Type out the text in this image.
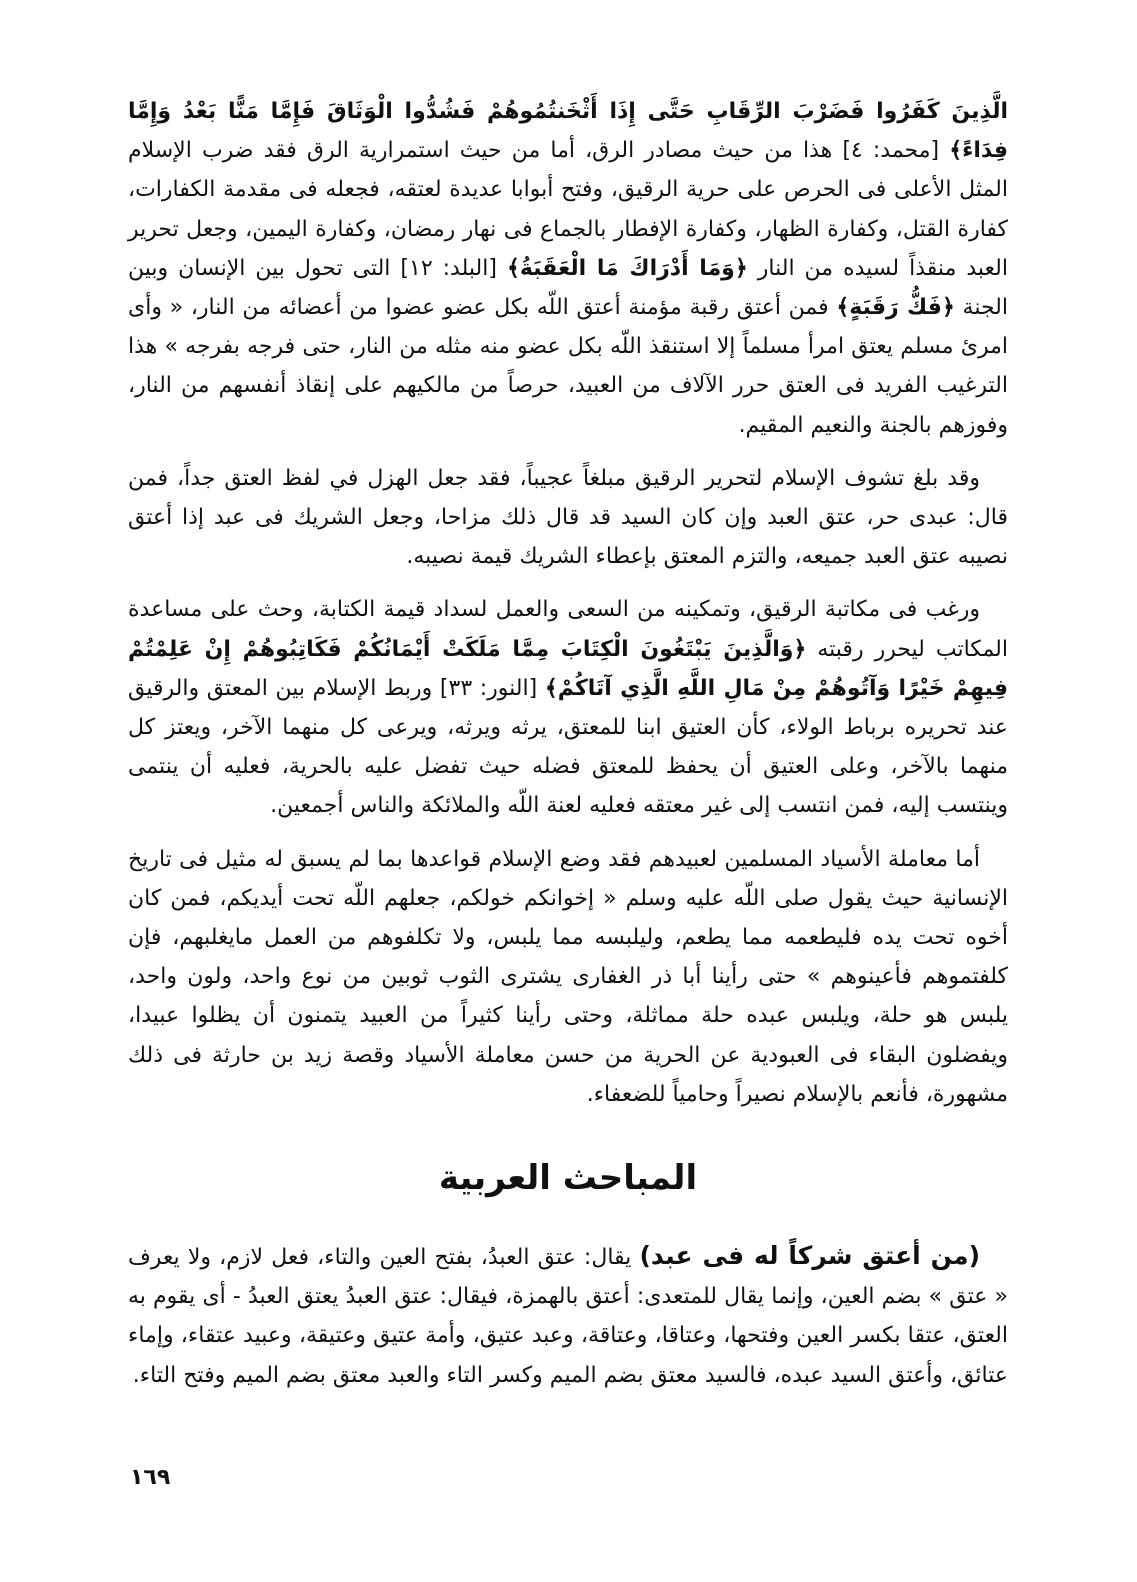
الَّذِينَ كَفَرُوا فَضَرْبَ الرِّقَابِ حَتَّى إِذَا أَثْخَنتُمُوهُمْ فَشُدُّوا الْوَثَاقَ فَإِمَّا مَنًّا بَعْدُ وَإِمَّا فِدَاءً﴾ [محمد: ٤] هذا من حيث مصادر الرق، أما من حيث استمرارية الرق فقد ضرب الإسلام المثل الأعلى فى الحرص على حرية الرقيق، وفتح أبوابا عديدة لعتقه، فجعله فى مقدمة الكفارات، كفارة القتل، وكفارة الظهار، وكفارة الإفطار بالجماع فى نهار رمضان، وكفارة اليمين، وجعل تحرير العبد منقذاً لسيده من النار ﴿وَمَا أَدْرَاكَ مَا الْعَقَبَةُ﴾ [البلد: ١٢] التى تحول بين الإنسان وبين الجنة ﴿فَكُّ رَقَبَةٍ﴾ فمن أعتق رقبة مؤمنة أعتق اللّه بكل عضو عضوا من أعضائه من النار، « وأى امرئ مسلم يعتق امرأ مسلماً إلا استنقذ اللّه بكل عضو منه مثله من النار، حتى فرجه بفرجه » هذا الترغيب الفريد فى العتق حرر الآلاف من العبيد، حرصاً من مالكيهم على إنقاذ أنفسهم من النار، وفوزهم بالجنة والنعيم المقيم.

وقد بلغ تشوف الإسلام لتحرير الرقيق مبلغاً عجيباً، فقد جعل الهزل في لفظ العتق جداً، فمن قال: عبدى حر، عتق العبد وإن كان السيد قد قال ذلك مزاحا، وجعل الشريك فى عبد إذا أعتق نصيبه عتق العبد جميعه، والتزم المعتق بإعطاء الشريك قيمة نصيبه.

ورغب فى مكاتبة الرقيق، وتمكينه من السعى والعمل لسداد قيمة الكتابة، وحث على مساعدة المكاتب ليحرر رقبته ﴿وَالَّذِينَ يَبْتَغُونَ الْكِتَابَ مِمَّا مَلَكَتْ أَيْمَانُكُمْ فَكَاتِبُوهُمْ إِنْ عَلِمْتُمْ فِيهِمْ خَيْرًا وَآتُوهُمْ مِنْ مَالِ اللَّهِ الَّذِي آتَاكُمْ﴾ [النور: ٣٣] وربط الإسلام بين المعتق والرقيق عند تحريره برباط الولاء، كأن العتيق ابنا للمعتق، يرثه ويرثه، ويرعى كل منهما الآخر، ويعتز كل منهما بالآخر، وعلى العتيق أن يحفظ للمعتق فضله حيث تفضل عليه بالحرية، فعليه أن ينتمى وينتسب إليه، فمن انتسب إلى غير معتقه فعليه لعنة اللّه والملائكة والناس أجمعين.

أما معاملة الأسياد المسلمين لعبيدهم فقد وضع الإسلام قواعدها بما لم يسبق له مثيل فى تاريخ الإنسانية حيث يقول صلى اللّه عليه وسلم « إخوانكم خولكم، جعلهم اللّه تحت أيديكم، فمن كان أخوه تحت يده فليطعمه مما يطعم، وليلبسه مما يلبس، ولا تكلفوهم من العمل مايغلبهم، فإن كلفتموهم فأعينوهم » حتى رأينا أبا ذر الغفارى يشترى الثوب ثوبين من نوع واحد، ولون واحد، يلبس هو حلة، ويلبس عبده حلة مماثلة، وحتى رأينا كثيراً من العبيد يتمنون أن يظلوا عبيدا، ويفضلون البقاء فى العبودية عن الحرية من حسن معاملة الأسياد وقصة زيد بن حارثة فى ذلك مشهورة، فأنعم بالإسلام نصيراً وحامياً للضعفاء.

المباحث العربية

(من أعتق شركاً له فى عبد) يقال: عتق العبدُ، بفتح العين والتاء، فعل لازم، ولا يعرف « عتق » بضم العين، وإنما يقال للمتعدى: أعتق بالهمزة، فيقال: عتق العبدُ يعتق العبدُ - أى يقوم به العتق، عتقا بكسر العين وفتحها، وعتاقا، وعتاقة، وعبد عتيق، وأمة عتيق وعتيقة، وعبيد عتقاء، وإماء عتائق، وأعتق السيد عبده، فالسيد معتق بضم الميم وكسر التاء والعبد معتق بضم الميم وفتح التاء.

١٦٩
